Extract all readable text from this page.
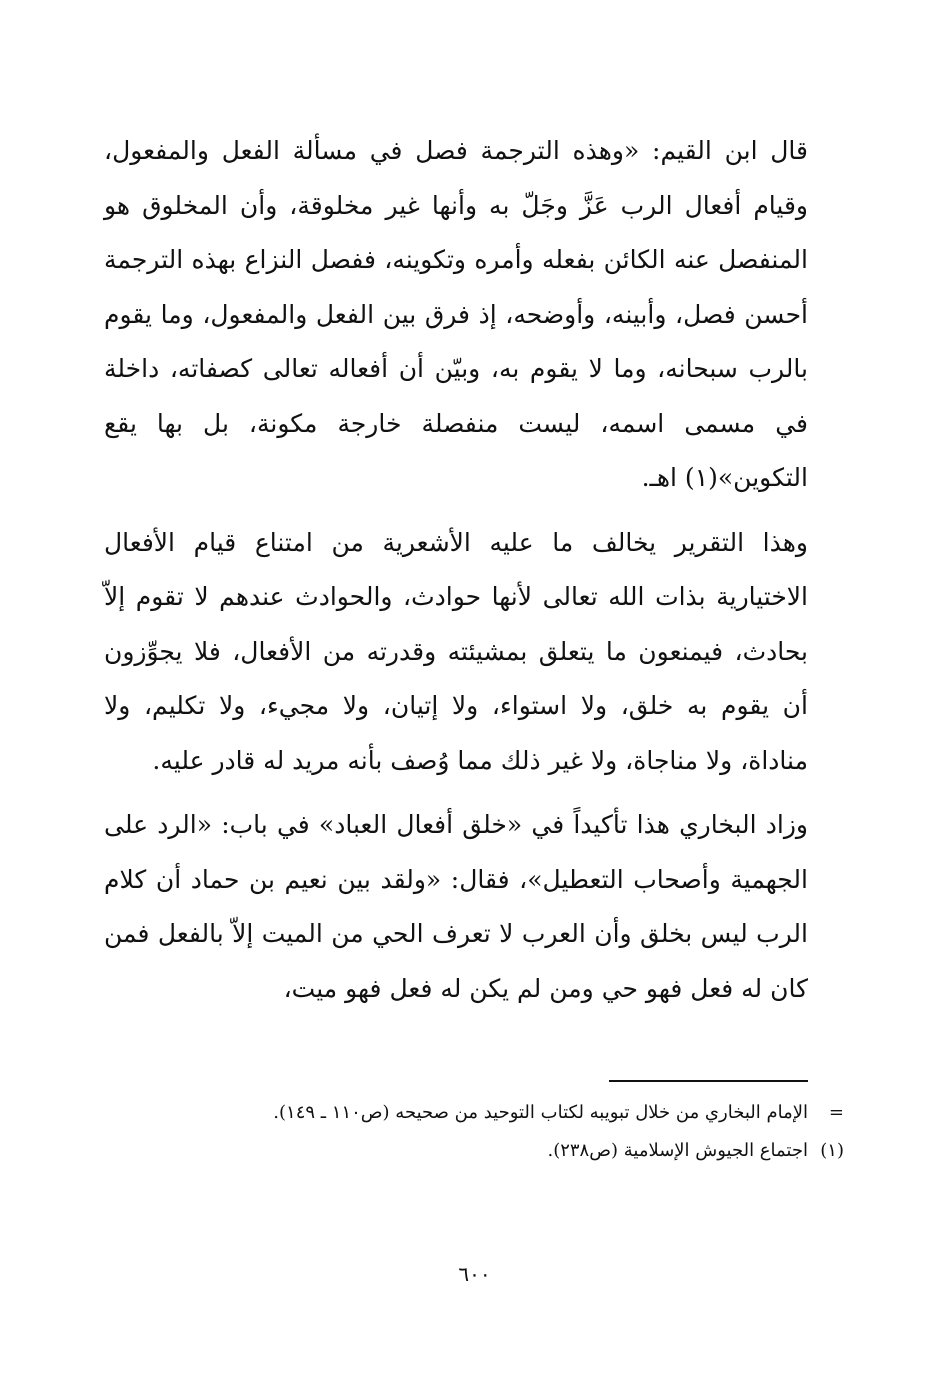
قال ابن القيم: «وهذه الترجمة فصل في مسألة الفعل والمفعول، وقيام أفعال الرب عَزَّ وجَلّ به وأنها غير مخلوقة، وأن المخلوق هو المنفصل عنه الكائن بفعله وأمره وتكوينه، ففصل النزاع بهذه الترجمة أحسن فصل، وأبينه، وأوضحه، إذ فرق بين الفعل والمفعول، وما يقوم بالرب سبحانه، وما لا يقوم به، وبيّن أن أفعاله تعالى كصفاته، داخلة في مسمى اسمه، ليست منفصلة خارجة مكونة، بل بها يقع التكوين»(١) اهـ.

وهذا التقرير يخالف ما عليه الأشعرية من امتناع قيام الأفعال الاختيارية بذات الله تعالى لأنها حوادث، والحوادث عندهم لا تقوم إلاّ بحادث، فيمنعون ما يتعلق بمشيئته وقدرته من الأفعال، فلا يجوِّزون أن يقوم به خلق، ولا استواء، ولا إتيان، ولا مجيء، ولا تكليم، ولا مناداة، ولا مناجاة، ولا غير ذلك مما وُصف بأنه مريد له قادر عليه.

وزاد البخاري هذا تأكيداً في «خلق أفعال العباد» في باب: «الرد على الجهمية وأصحاب التعطيل»، فقال: «ولقد بين نعيم بن حماد أن كلام الرب ليس بخلق وأن العرب لا تعرف الحي من الميت إلاّ بالفعل فمن كان له فعل فهو حي ومن لم يكن له فعل فهو ميت،

=
الإمام البخاري من خلال تبويبه لكتاب التوحيد من صحيحه (ص١١٠ ـ ١٤٩).
(١)
اجتماع الجيوش الإسلامية (ص٢٣٨).
٦٠٠
